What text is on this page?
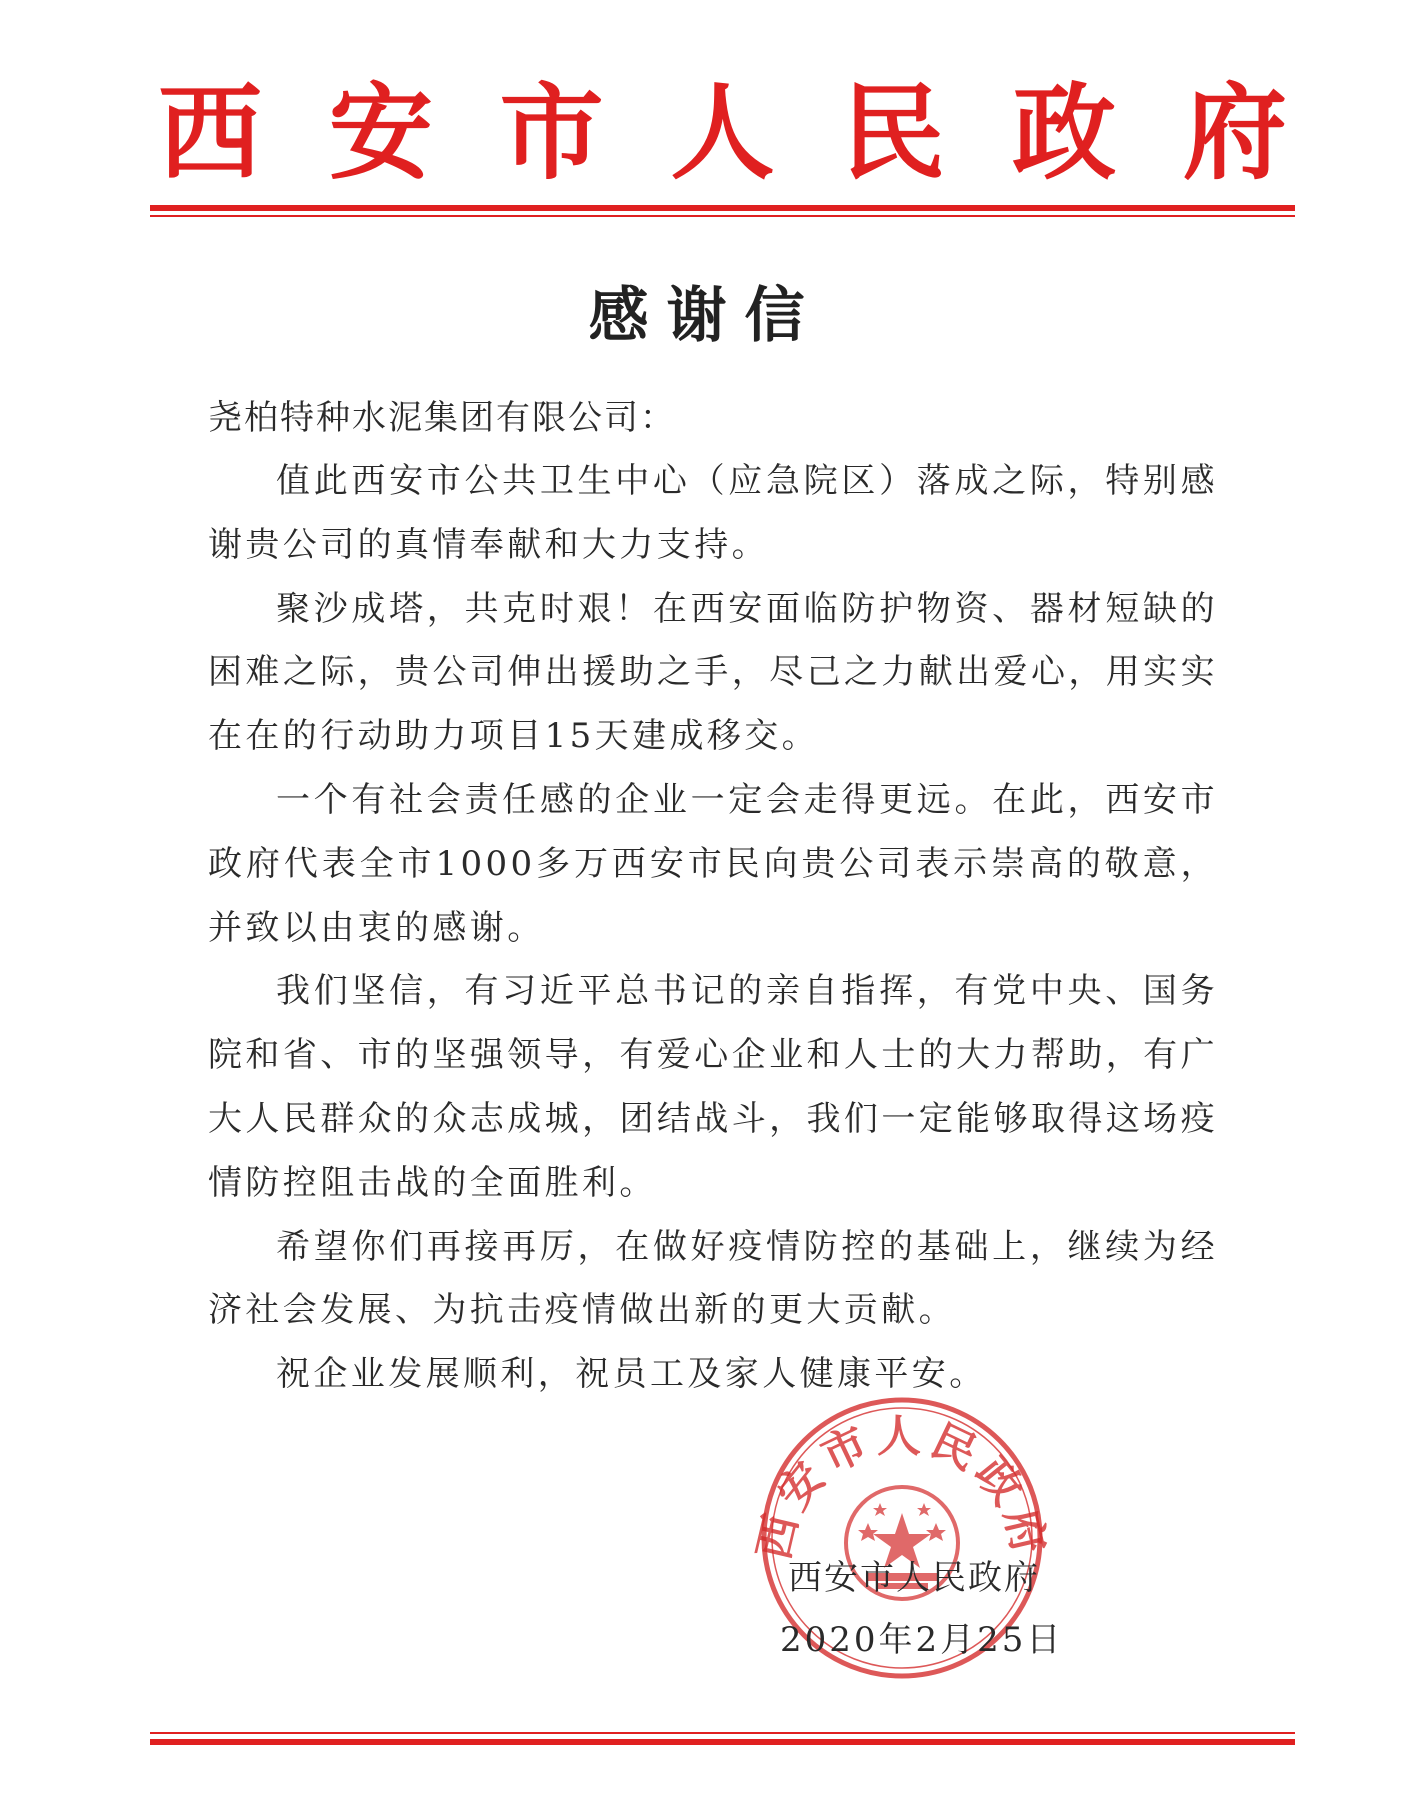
西 安 市 人 民 政 府
感谢信
尧柏特种水泥集团有限公司：

值此西安市公共卫生中心（应急院区）落成之际，特别感谢贵公司的真情奉献和大力支持。

聚沙成塔，共克时艰！在西安面临防护物资、器材短缺的困难之际，贵公司伸出援助之手，尽己之力献出爱心，用实实在在的行动助力项目15天建成移交。

一个有社会责任感的企业一定会走得更远。在此，西安市政府代表全市1000多万西安市民向贵公司表示崇高的敬意，并致以由衷的感谢。

我们坚信，有习近平总书记的亲自指挥，有党中央、国务院和省、市的坚强领导，有爱心企业和人士的大力帮助，有广大人民群众的众志成城，团结战斗，我们一定能够取得这场疫情防控阻击战的全面胜利。

希望你们再接再厉，在做好疫情防控的基础上，继续为经济社会发展、为抗击疫情做出新的更大贡献。

祝企业发展顺利，祝员工及家人健康平安。

西安市人民政府
西安市人民政府
2020年2月25日
